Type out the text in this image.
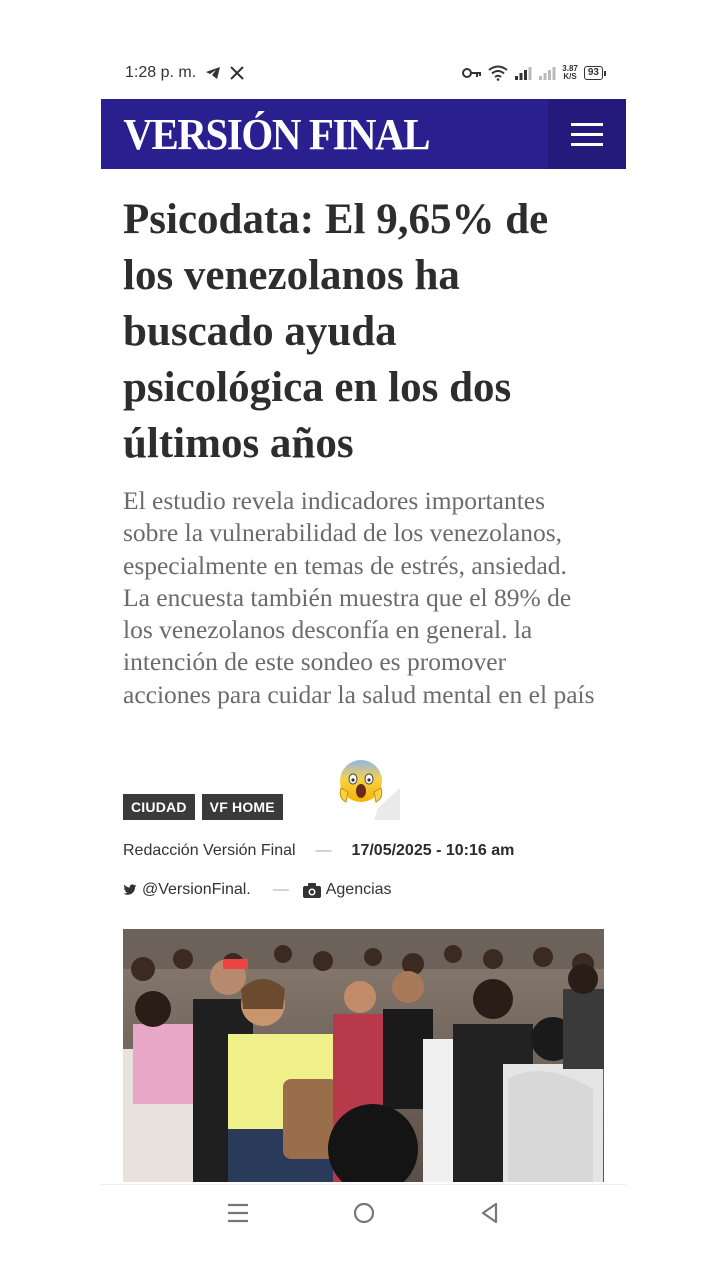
1:28 p. m.	3.87
K/S	93
VERSIÓN FINAL
Psicodata: El 9,65% de los venezolanos ha buscado ayuda psicológica en los dos últimos años

El estudio revela indicadores importantes sobre la vulnerabilidad de los venezolanos, especialmente en temas de estrés, ansiedad. La encuesta también muestra que el 89% de los venezolanos desconfía en general. la intención de este sondeo es promover acciones para cuidar la salud mental en el país

CIUDAD	VF HOME
Redacción Versión Final — 17/05/2025 - 10:16 am
@VersionFinal. — Agencias
